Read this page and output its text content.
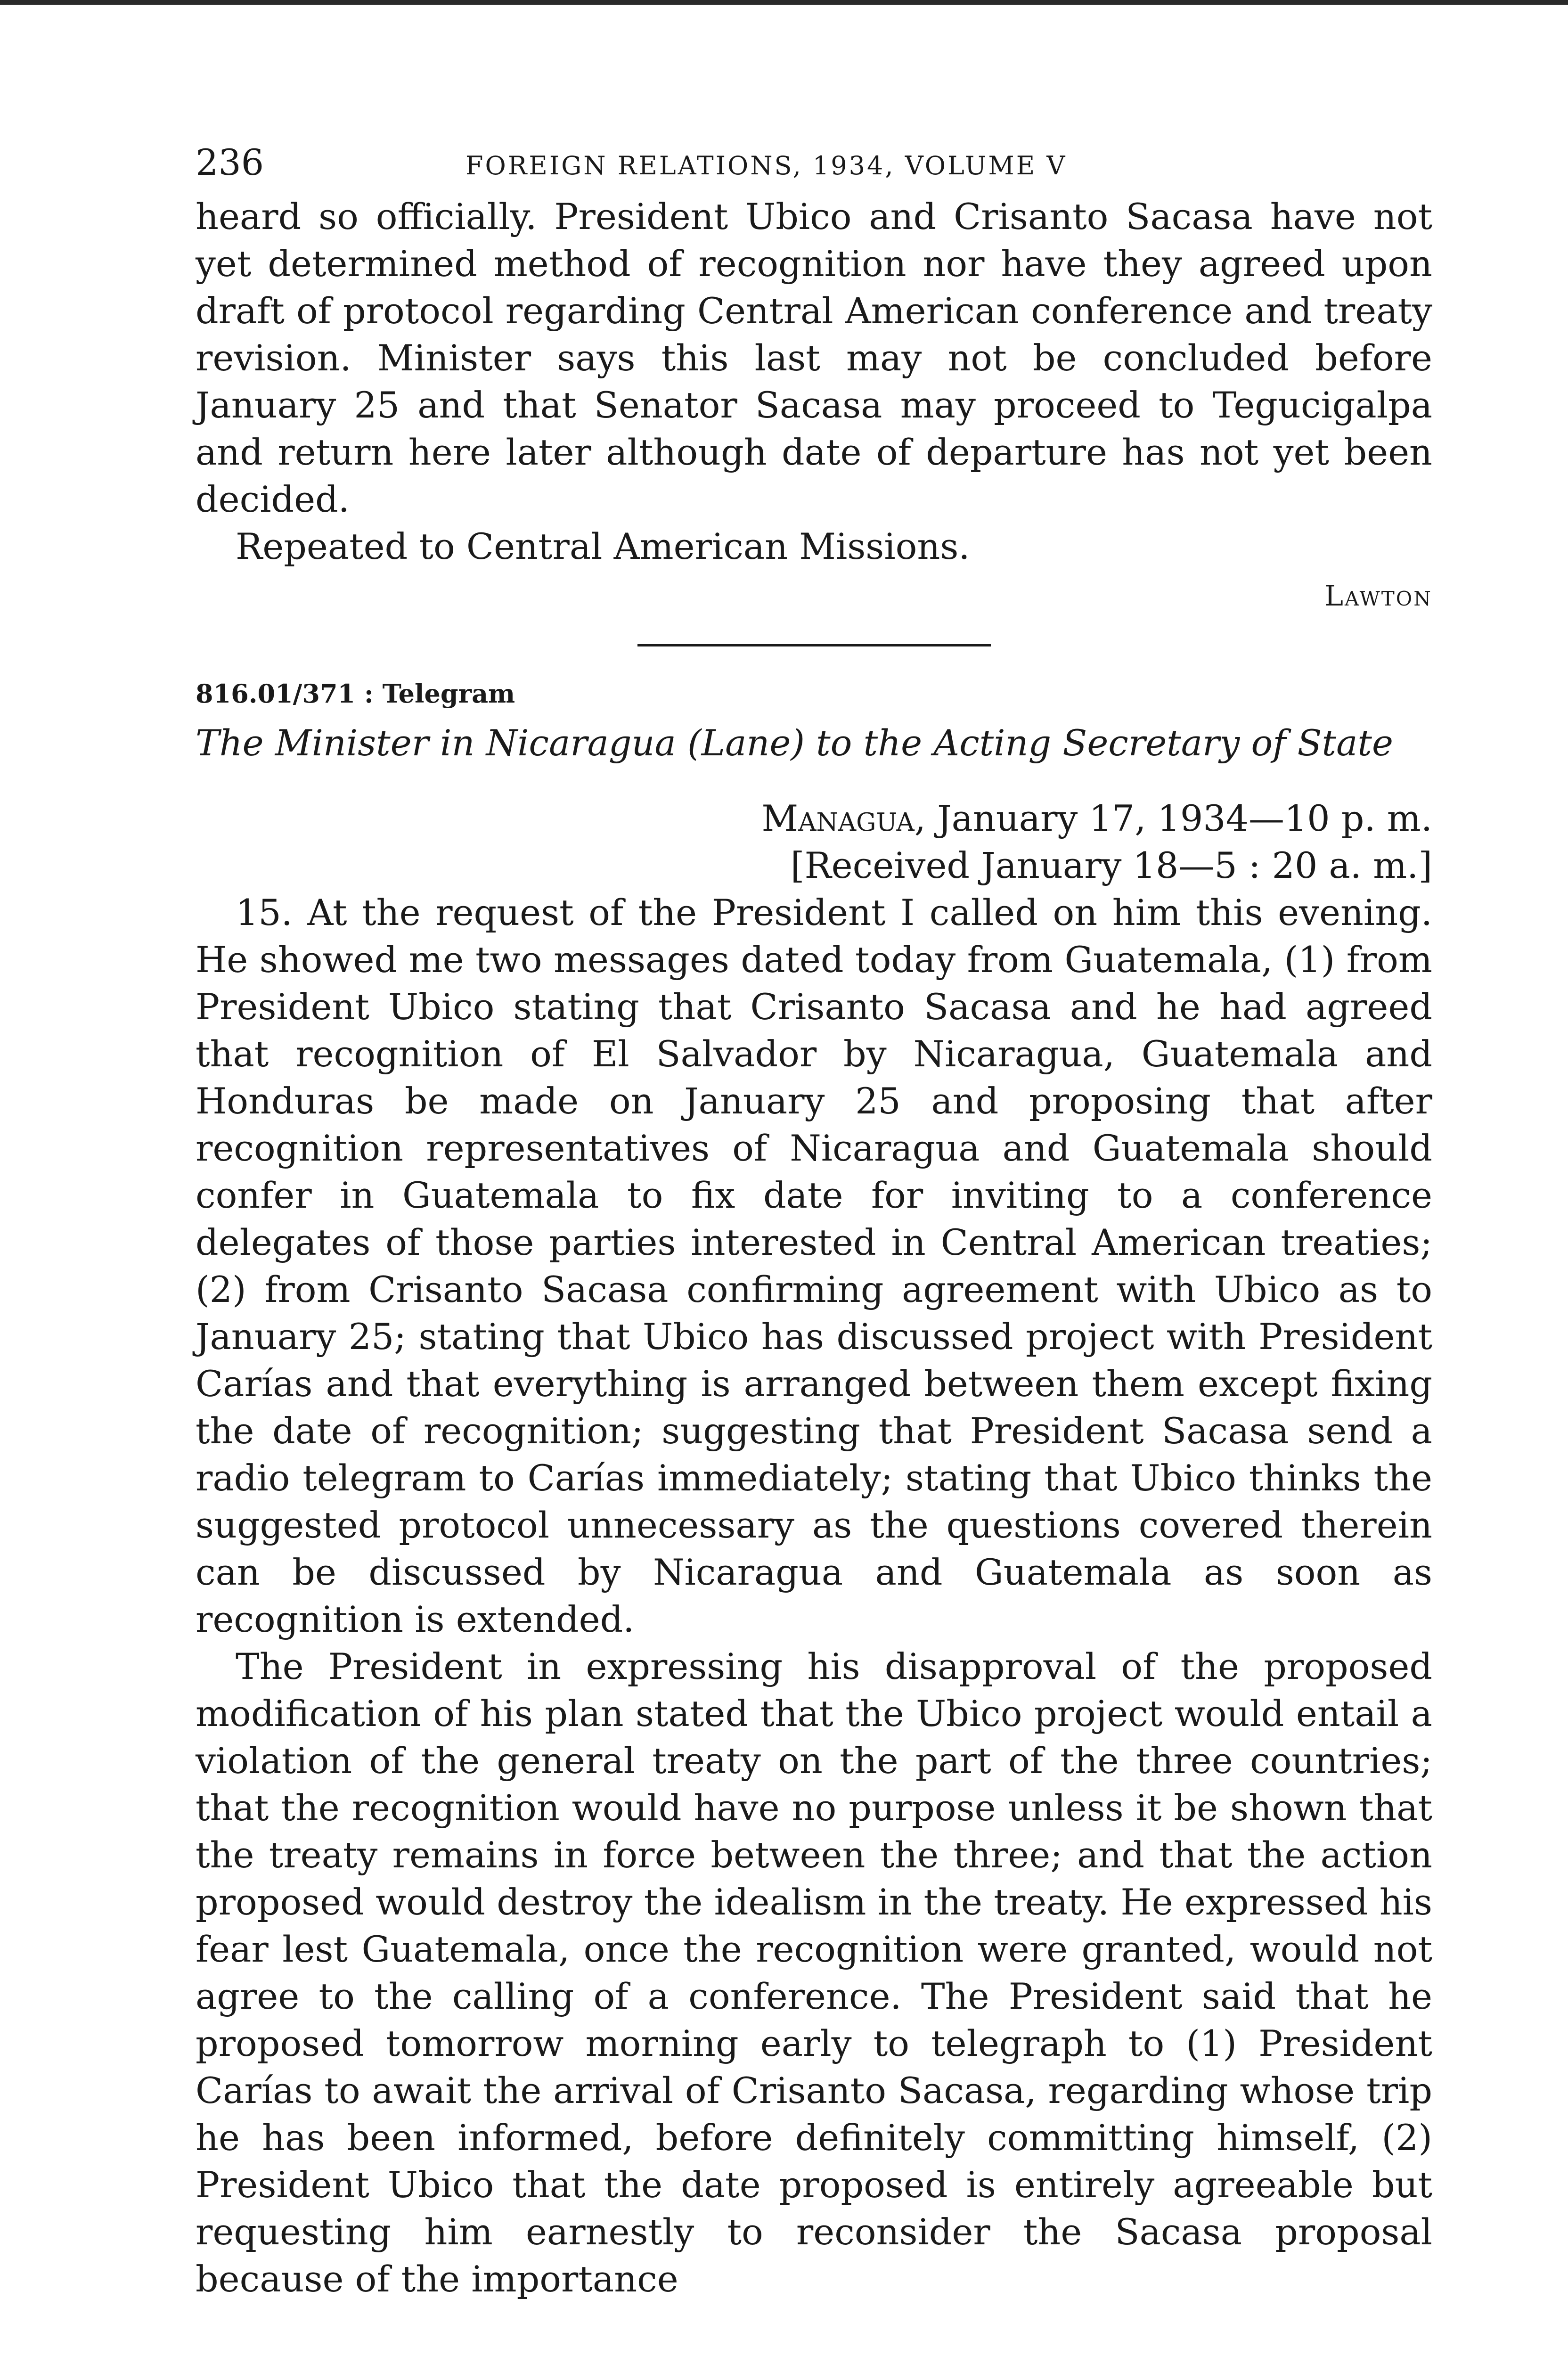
236	FOREIGN RELATIONS, 1934, VOLUME V

heard so officially. President Ubico and Crisanto Sacasa have not yet determined method of recognition nor have they agreed upon draft of protocol regarding Central American conference and treaty revision. Minister says this last may not be concluded before January 25 and that Senator Sacasa may proceed to Tegucigalpa and return here later although date of departure has not yet been decided.

Repeated to Central American Missions.

Lawton
816.01/371 : Telegram
The Minister in Nicaragua (Lane) to the Acting Secretary of State
Managua, January 17, 1934—10 p. m.
[Received January 18—5 : 20 a. m.]

15. At the request of the President I called on him this evening. He showed me two messages dated today from Guatemala, (1) from President Ubico stating that Crisanto Sacasa and he had agreed that recognition of El Salvador by Nicaragua, Guatemala and Honduras be made on January 25 and proposing that after recognition representatives of Nicaragua and Guatemala should confer in Guatemala to fix date for inviting to a conference delegates of those parties interested in Central American treaties; (2) from Crisanto Sacasa confirming agreement with Ubico as to January 25; stating that Ubico has discussed project with President Carías and that everything is arranged between them except fixing the date of recognition; suggesting that President Sacasa send a radio telegram to Carías immediately; stating that Ubico thinks the suggested protocol unnecessary as the questions covered therein can be discussed by Nicaragua and Guatemala as soon as recognition is extended.

The President in expressing his disapproval of the proposed modification of his plan stated that the Ubico project would entail a violation of the general treaty on the part of the three countries; that the recognition would have no purpose unless it be shown that the treaty remains in force between the three; and that the action proposed would destroy the idealism in the treaty. He expressed his fear lest Guatemala, once the recognition were granted, would not agree to the calling of a conference. The President said that he proposed tomorrow morning early to telegraph to (1) President Carías to await the arrival of Crisanto Sacasa, regarding whose trip he has been informed, before definitely committing himself, (2) President Ubico that the date proposed is entirely agreeable but requesting him earnestly to reconsider the Sacasa proposal because of the importance
